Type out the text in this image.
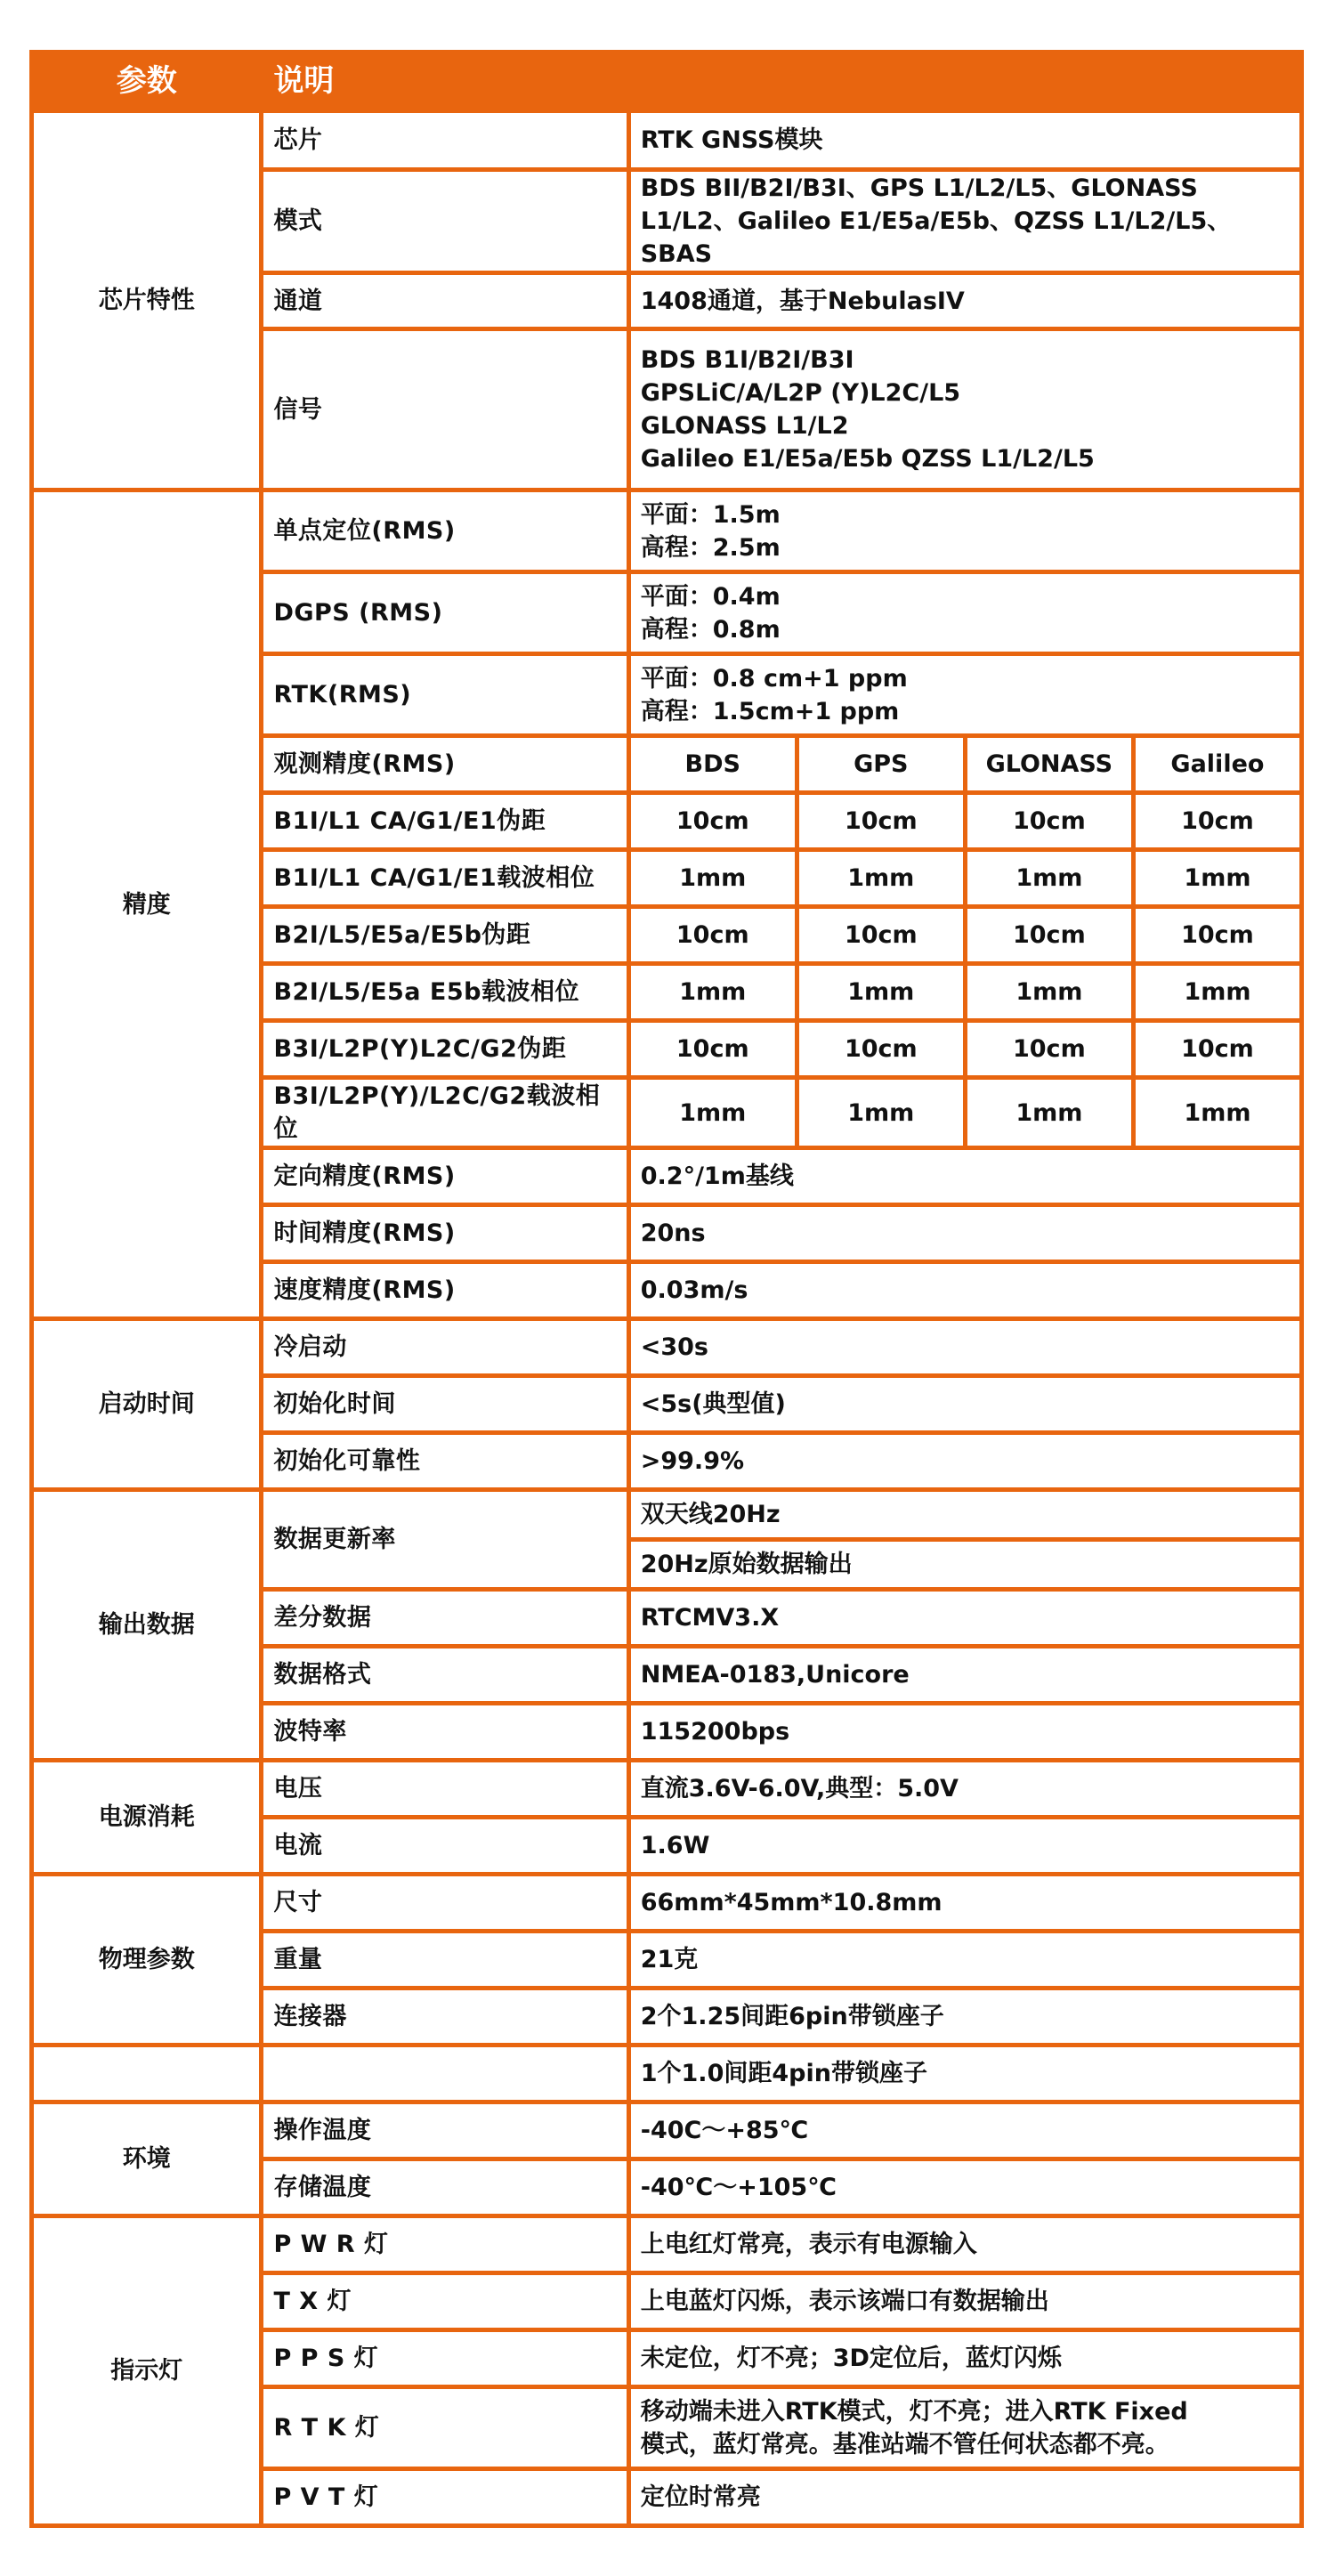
参数	说明				
芯片特性	芯片	RTK GNSS模块			

	模式	BDS BII/B2I/B3I、GPS L1/L2/L5、GLONASS
L1/L2、Galileo E1/E5a/E5b、QZSS L1/L2/L5、SBAS			

	通道	1408通道，基于NebulasIV			

	信号	BDS B1I/B2I/B3I
GPSLiC/A/L2P (Y)L2C/L5
GLONASS L1/L2
Galileo E1/E5a/E5b QZSS L1/L2/L5			

精度	单点定位(RMS)	平面：1.5m
高程：2.5m			

	DGPS (RMS)	平面：0.4m
高程：0.8m			

	RTK(RMS)	平面：0.8 cm+1 ppm
高程：1.5cm+1 ppm			

	观测精度(RMS)	BDS	GPS	GLONASS	Galileo
	B1I/L1 CA/G1/E1伪距	10cm	10cm	10cm	10cm
	B1I/L1 CA/G1/E1载波相位	1mm	1mm	1mm	1mm
	B2I/L5/E5a/E5b伪距	10cm	10cm	10cm	10cm
	B2I/L5/E5a E5b载波相位	1mm	1mm	1mm	1mm
	B3I/L2P(Y)L2C/G2伪距	10cm	10cm	10cm	10cm
	B3I/L2P(Y)/L2C/G2载波相位	1mm	1mm	1mm	1mm
	定向精度(RMS)	0.2°/1m基线			
	时间精度(RMS)	20ns			
	速度精度(RMS)	0.03m/s			
启动时间	冷启动	<30s			
	初始化时间	<5s(典型值)			
	初始化可靠性	>99.9%			
输出数据	数据更新率	双天线20Hz			
		20Hz原始数据输出			
	差分数据	RTCMV3.X			
	数据格式	NMEA-0183,Unicore			
	波特率	115200bps			
电源消耗	电压	直流3.6V-6.0V,典型：5.0V			
	电流	1.6W			
物理参数	尺寸	66mm*45mm*10.8mm			
	重量	21克			
	连接器	2个1.25间距6pin带锁座子			
		1个1.0间距4pin带锁座子			
环境	操作温度	-40C～+85℃			
	存储温度	-40℃～+105℃			
指示灯	P W R 灯	上电红灯常亮，表示有电源输入			

	T X 灯	上电蓝灯闪烁，表示该端口有数据输出			

	P P S 灯	未定位，灯不亮；3D定位后，蓝灯闪烁			

	R T K 灯	移动端未进入RTK模式，灯不亮；进入RTK Fixed
模式，蓝灯常亮。基准站端不管任何状态都不亮。			

	P V T 灯	定位时常亮			
